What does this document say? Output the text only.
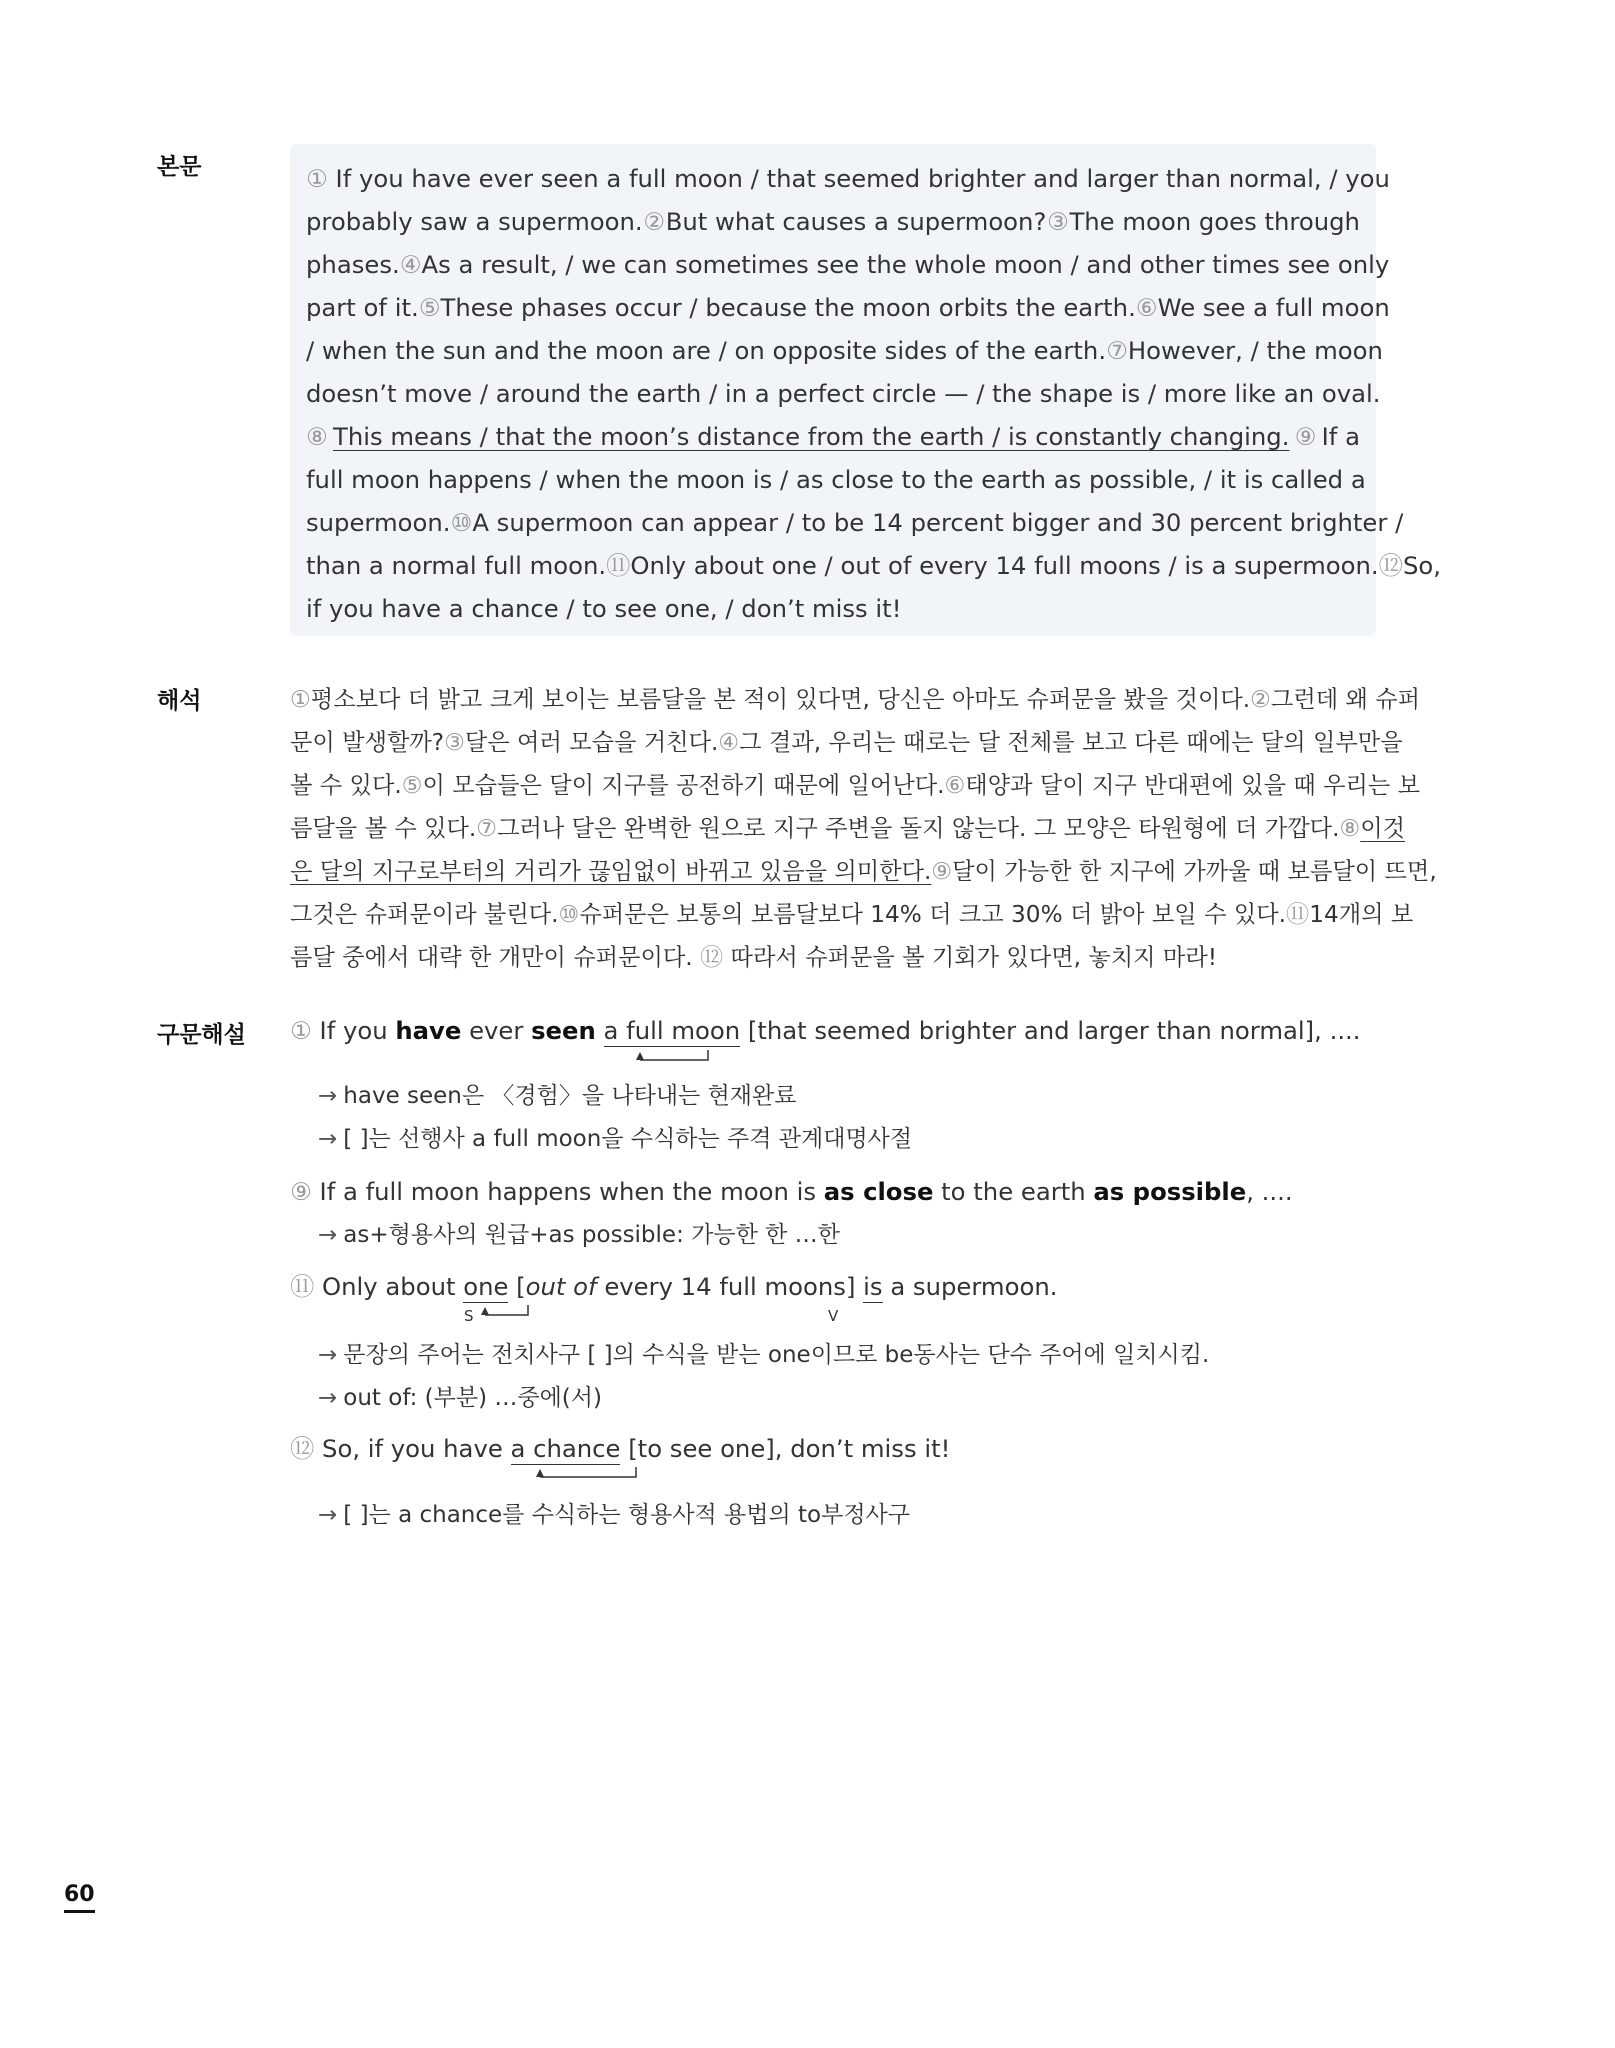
본문	① If you have ever seen a full moon / that seemed brighter and larger than normal, / you
probably saw a supermoon. ② But what causes a supermoon? ③ The moon goes through
phases. ④ As a result, / we can sometimes see the whole moon / and other times see only
part of it. ⑤ These phases occur / because the moon orbits the earth. ⑥ We see a full moon
/ when the sun and the moon are / on opposite sides of the earth. ⑦ However, / the moon
doesn’t move / around the earth / in a perfect circle — / the shape is / more like an oval.
⑧ This means / that the moon’s distance from the earth / is constantly changing. ⑨ If a
full moon happens / when the moon is / as close to the earth as possible, / it is called a
supermoon. ⑩ A supermoon can appear / to be 14 percent bigger and 30 percent brighter /
than a normal full moon. ⑪ Only about one / out of every 14 full moons / is a supermoon. ⑫ So,
if you have a chance / to see one, / don’t miss it!
해석	① 평소보다 더 밝고 크게 보이는 보름달을 본 적이 있다면, 당신은 아마도 슈퍼문을 봤을 것이다. ② 그런데 왜 슈퍼
문이 발생할까? ③ 달은 여러 모습을 거친다. ④ 그 결과, 우리는 때로는 달 전체를 보고 다른 때에는 달의 일부만을
볼 수 있다. ⑤ 이 모습들은 달이 지구를 공전하기 때문에 일어난다. ⑥ 태양과 달이 지구 반대편에 있을 때 우리는 보
름달을 볼 수 있다. ⑦ 그러나 달은 완벽한 원으로 지구 주변을 돌지 않는다. 그 모양은 타원형에 더 가깝다. ⑧ 이것
은 달의 지구로부터의 거리가 끊임없이 바뀌고 있음을 의미한다. ⑨ 달이 가능한 한 지구에 가까울 때 보름달이 뜨면,
그것은 슈퍼문이라 불린다. ⑩ 슈퍼문은 보통의 보름달보다 14% 더 크고 30% 더 밝아 보일 수 있다. ⑪ 14개의 보
름달 중에서 대략 한 개만이 슈퍼문이다.
⑫
따라서 슈퍼문을 볼 기회가 있다면, 놓치지 마라!
구문해설 ① If you have ever seen a full moon [that seemed brighter and larger than normal], ....
→ have seen은 〈경험〉을 나타내는 현재완료
→ [ ]는 선행사 a full moon을 수식하는 주격 관계대명사절
⑨ If a full moon happens when the moon is as close to the earth as possible, ....
→ as+형용사의 원급+as possible: 가능한 한 …한
⑪ Only about one [out of every 14 full moons] is a supermoon.
S	V
→ 문장의 주어는 전치사구 [ ]의 수식을 받는 one이므로 be동사는 단수 주어에 일치시킴.
→ out of: (부분) …중에(서)
⑫ So, if you have a chance [to see one], don’t miss it!
→ [ ]는 a chance를 수식하는 형용사적 용법의 to부정사구
60
